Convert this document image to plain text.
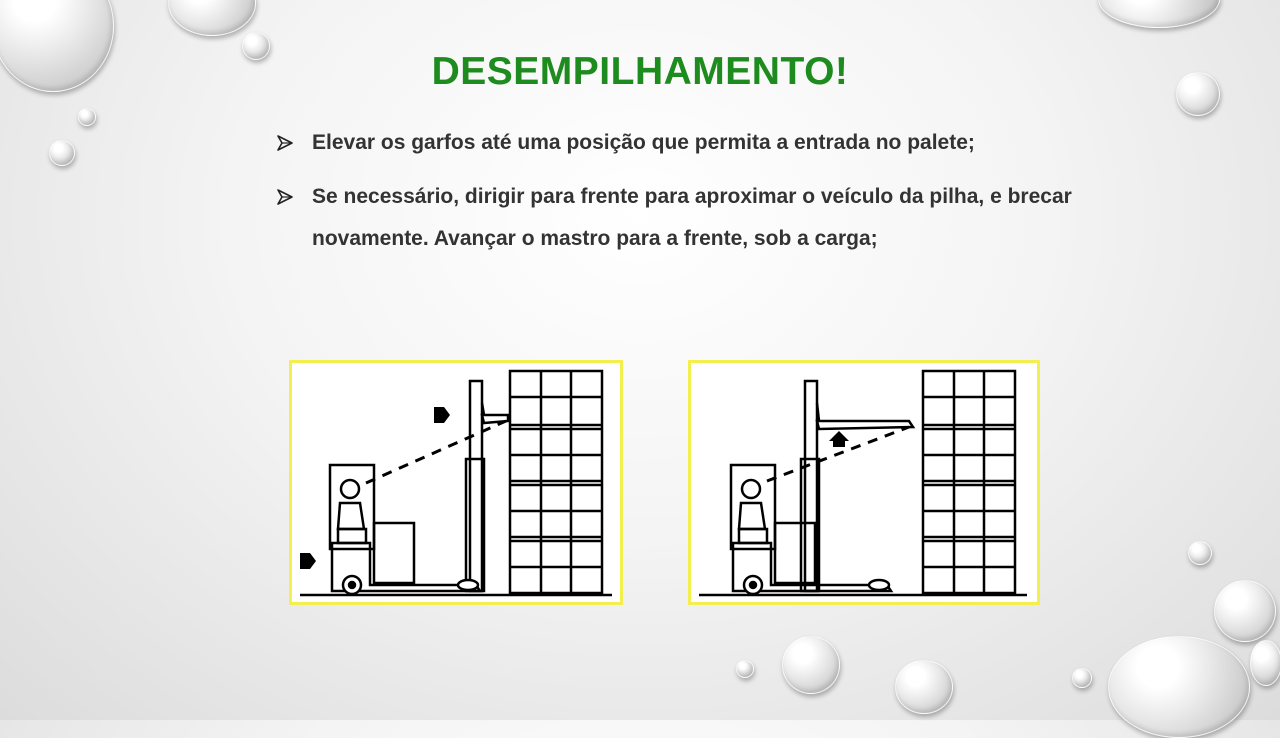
DESEMPILHAMENTO!
Elevar os garfos até uma posição que permita a entrada no palete;
Se necessário, dirigir para frente para aproximar o veículo da pilha, e brecar novamente. Avançar o mastro para a frente, sob a carga;
